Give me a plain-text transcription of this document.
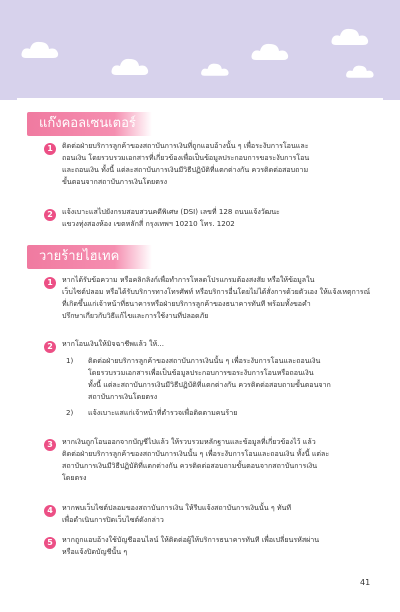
แก๊งคอลเซนเตอร์
1	ติดต่อฝ่ายบริการลูกค้าของสถาบันการเงินที่ถูกแอบอ้างนั้น ๆ เพื่อระงับการโอนและ
ถอนเงิน โดยรวบรวมเอกสารที่เกี่ยวข้องเพื่อเป็นข้อมูลประกอบการขอระงับการโอน
และถอนเงิน ทั้งนี้ แต่ละสถาบันการเงินมีวิธีปฏิบัติที่แตกต่างกัน ควรติดต่อสอบถาม
ขั้นตอนจากสถาบันการเงินโดยตรง
2	แจ้งเบาะแสไปยังกรมสอบสวนคดีพิเศษ (DSI) เลขที่ 128 ถนนแจ้งวัฒนะ
แขวงทุ่งสองห้อง เขตหลักสี่ กรุงเทพฯ 10210 โทร. 1202
วายร้ายไฮเทค
1	หากได้รับข้อความ หรือคลิกลิงก์เพื่อทำการโหลดโปรแกรมต้องสงสัย หรือให้ข้อมูลใน
เว็บไซต์ปลอม หรือได้รับบริการทางโทรศัพท์ หรือบริการอื่นโดยไม่ได้สั่งการด้วยตัวเอง ให้แจ้งเหตุการณ์
ที่เกิดขึ้นแก่เจ้าหน้าที่ธนาคารหรือฝ่ายบริการลูกค้าของธนาคารทันที พร้อมทั้งขอคำ
ปรึกษาเกี่ยวกับวิธีแก้ไขและการใช้งานที่ปลอดภัย
2	หากโอนเงินให้มิจฉาชีพแล้ว ให้...
1) ติดต่อฝ่ายบริการลูกค้าของสถาบันการเงินนั้น ๆ เพื่อระงับการโอนและถอนเงิน
โดยรวบรวมเอกสารเพื่อเป็นข้อมูลประกอบการขอระงับการโอนหรือถอนเงิน
ทั้งนี้ แต่ละสถาบันการเงินมีวิธีปฏิบัติที่แตกต่างกัน ควรติดต่อสอบถามขั้นตอนจาก
สถาบันการเงินโดยตรง
2) แจ้งเบาะแสแก่เจ้าหน้าที่ตำรวจเพื่อติดตามคนร้าย
3	หากเงินถูกโอนออกจากบัญชีไปแล้ว ให้รวบรวมหลักฐานและข้อมูลที่เกี่ยวข้องไว้ แล้ว
ติดต่อฝ่ายบริการลูกค้าของสถาบันการเงินนั้น ๆ เพื่อระงับการโอนและถอนเงิน ทั้งนี้ แต่ละ
สถาบันการเงินมีวิธีปฏิบัติที่แตกต่างกัน ควรติดต่อสอบถามขั้นตอนจากสถาบันการเงิน
โดยตรง
4	หากพบเว็บไซต์ปลอมของสถาบันการเงิน ให้รีบแจ้งสถาบันการเงินนั้น ๆ ทันที
เพื่อดำเนินการปิดเว็บไซต์ดังกล่าว
5	หากถูกแอบอ้างใช้บัญชีออนไลน์ ให้ติดต่อผู้ให้บริการธนาคารทันที เพื่อเปลี่ยนรหัสผ่าน
หรือแจ้งปิดบัญชีนั้น ๆ
41
